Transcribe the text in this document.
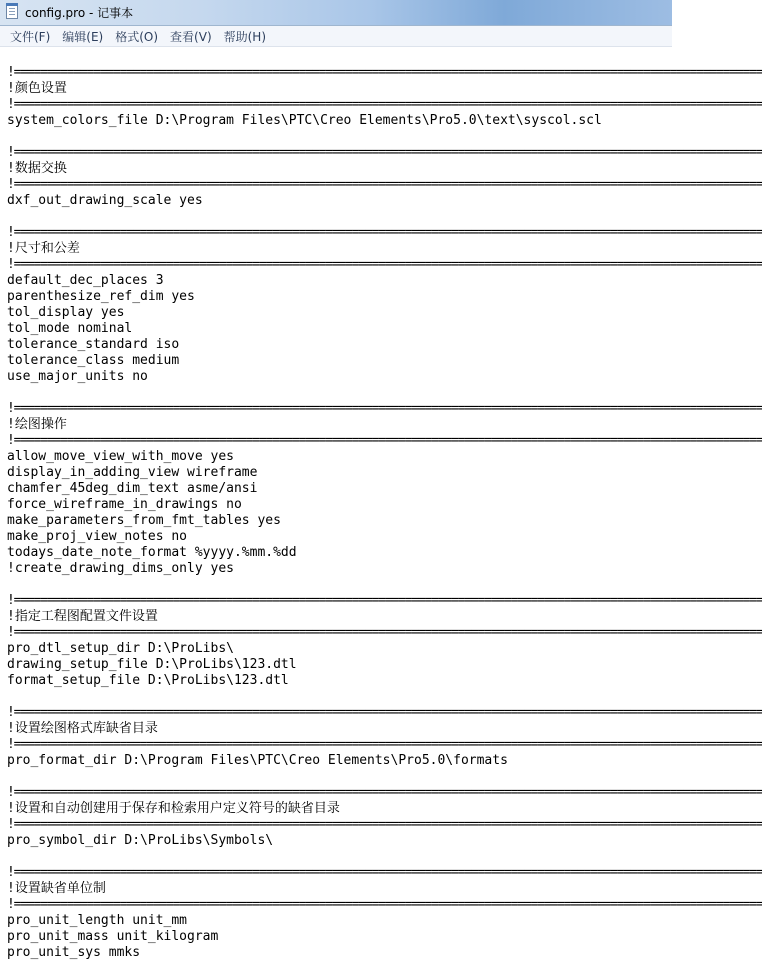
config.pro - 记事本
文件(F)	编辑(E)	格式(O)	查看(V)	帮助(H)
!=================================================================================================================
!颜色设置
!=================================================================================================================
system_colors_file D:\Program Files\PTC\Creo Elements\Pro5.0\text\syscol.scl
!=================================================================================================================
!数据交换
!=================================================================================================================
dxf_out_drawing_scale yes
!=================================================================================================================
!尺寸和公差
!=================================================================================================================
default_dec_places 3
parenthesize_ref_dim yes
tol_display yes
tol_mode nominal
tolerance_standard iso
tolerance_class medium
use_major_units no
!=================================================================================================================
!绘图操作
!=================================================================================================================
allow_move_view_with_move yes
display_in_adding_view wireframe
chamfer_45deg_dim_text asme/ansi
force_wireframe_in_drawings no
make_parameters_from_fmt_tables yes
make_proj_view_notes no
todays_date_note_format %yyyy.%mm.%dd
!create_drawing_dims_only yes
!=================================================================================================================
!指定工程图配置文件设置
!=================================================================================================================
pro_dtl_setup_dir D:\ProLibs\
drawing_setup_file D:\ProLibs\123.dtl
format_setup_file D:\ProLibs\123.dtl
!=================================================================================================================
!设置绘图格式库缺省目录
!=================================================================================================================
pro_format_dir D:\Program Files\PTC\Creo Elements\Pro5.0\formats
!=================================================================================================================
!设置和自动创建用于保存和检索用户定义符号的缺省目录
!=================================================================================================================
pro_symbol_dir D:\ProLibs\Symbols\
!=================================================================================================================
!设置缺省单位制
!=================================================================================================================
pro_unit_length unit_mm
pro_unit_mass unit_kilogram
pro_unit_sys mmks
